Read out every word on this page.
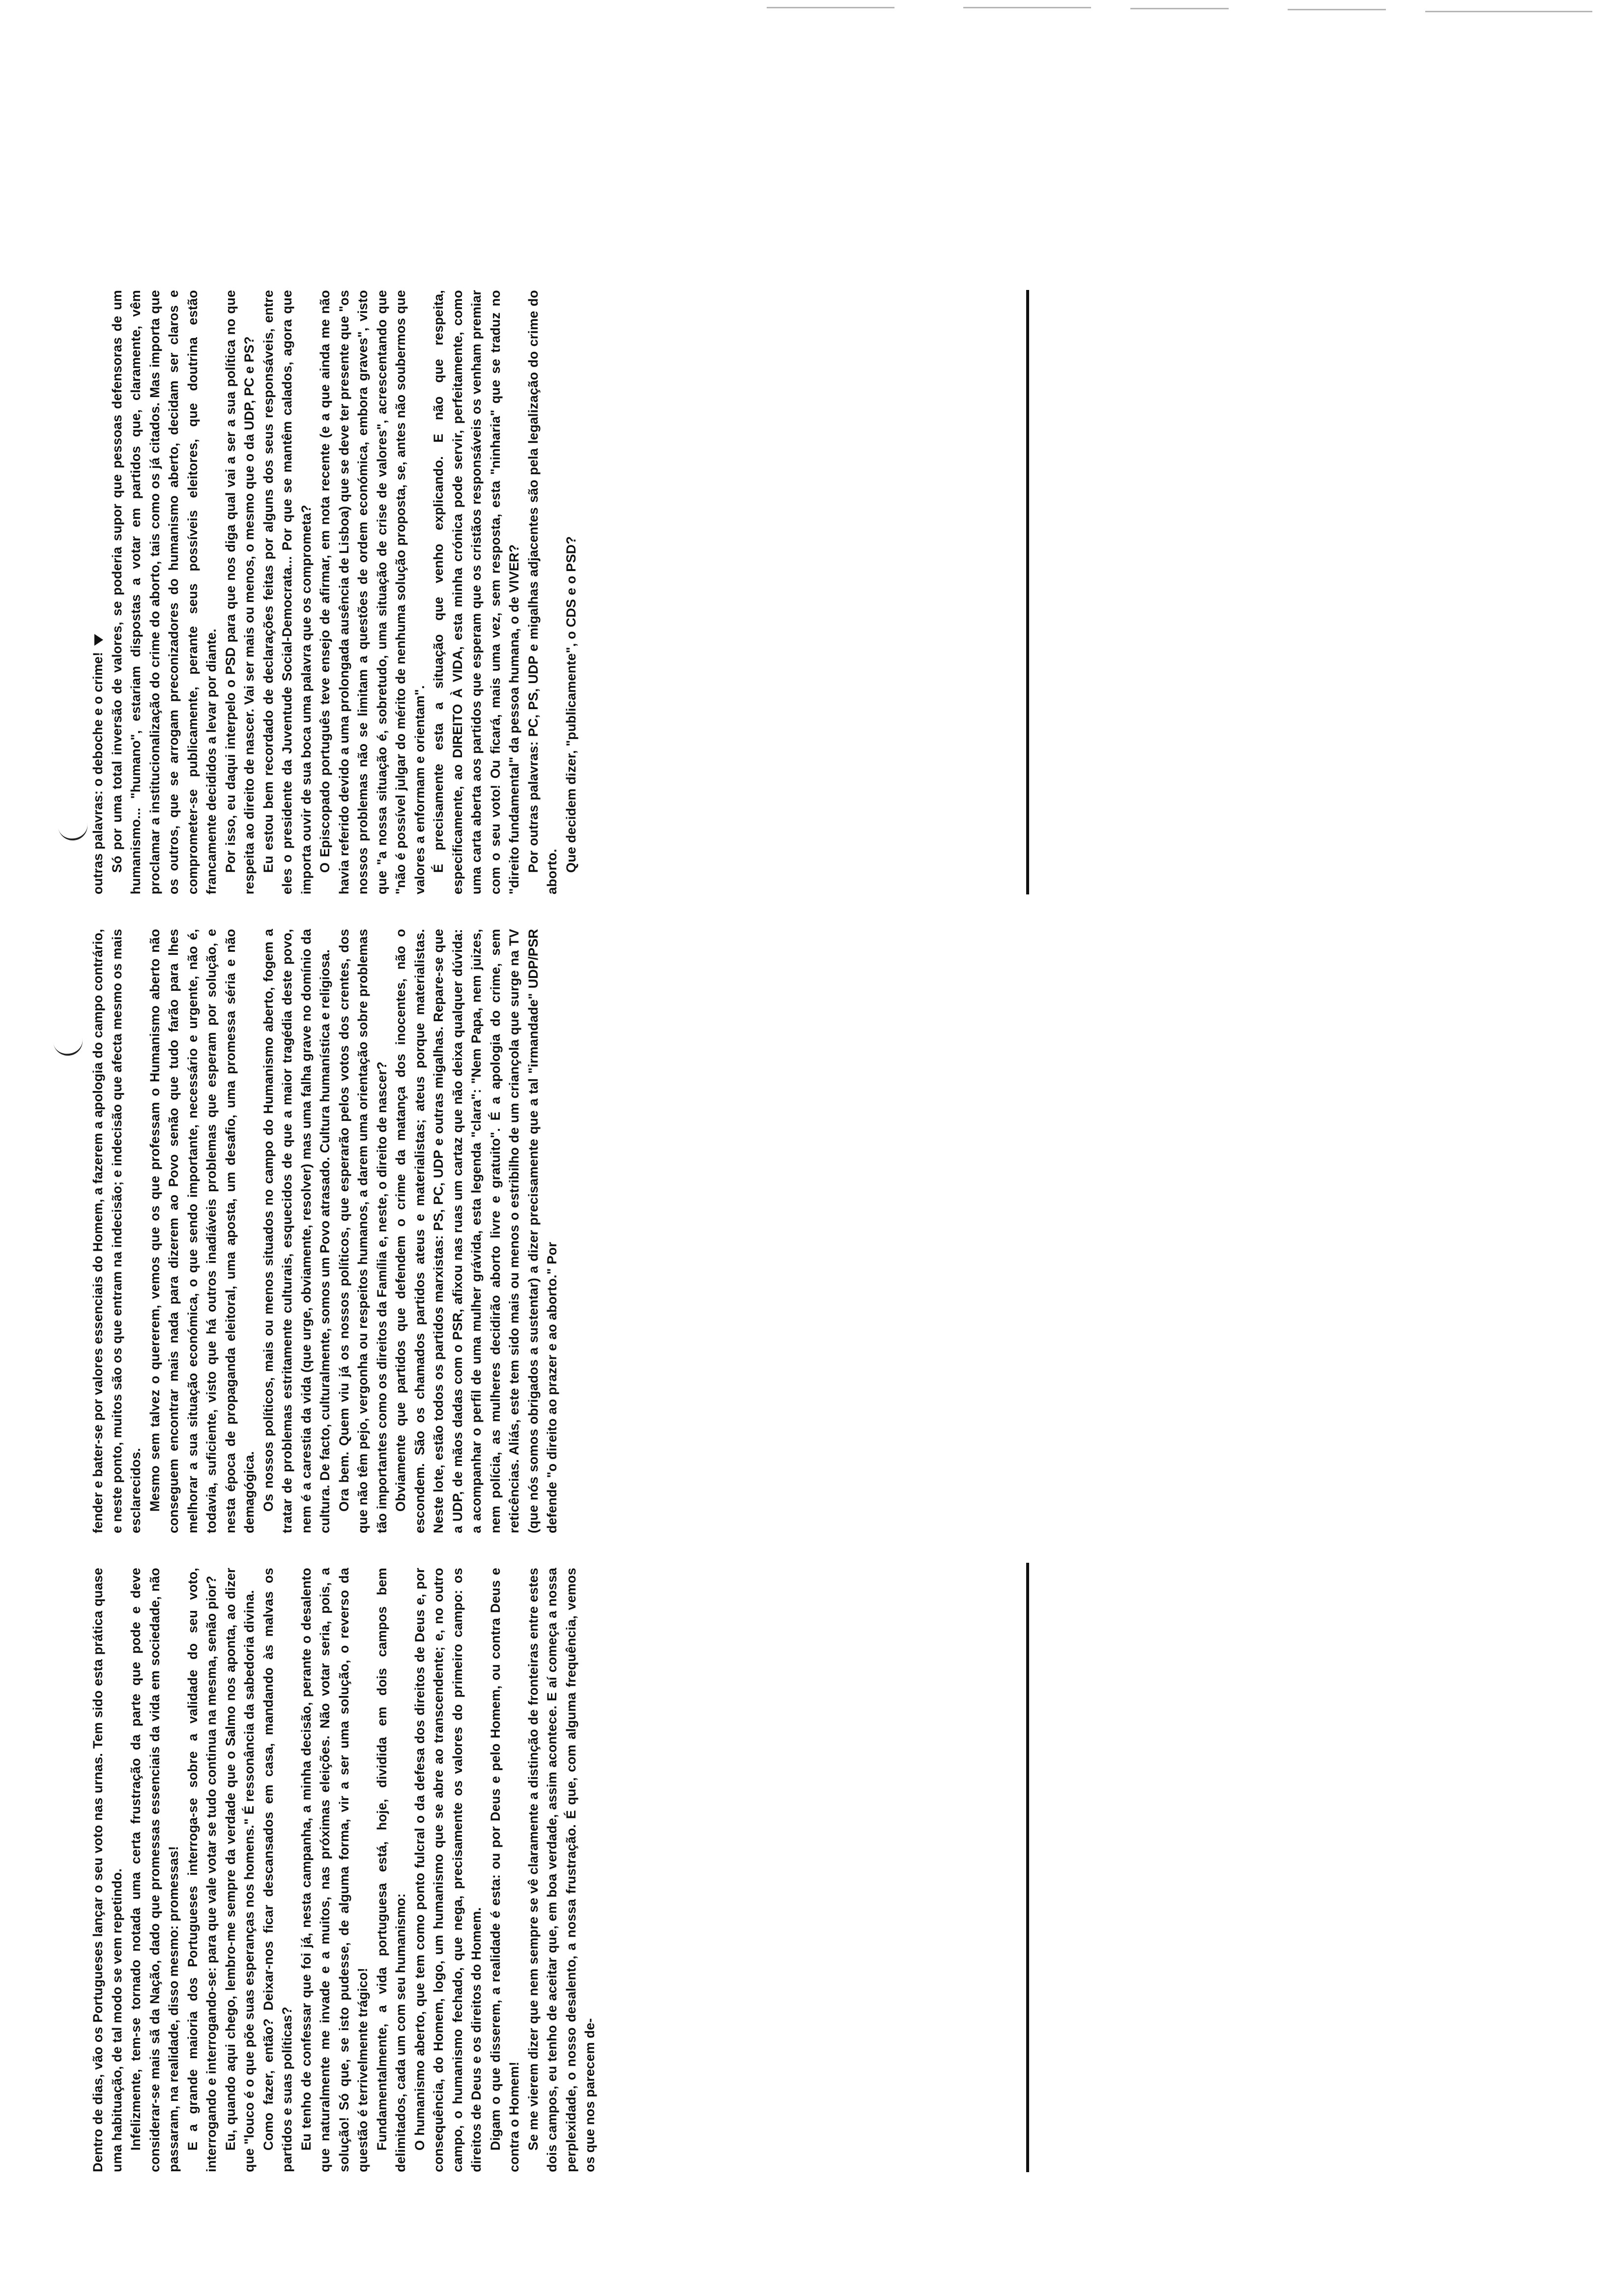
Dentro de dias, vão os Portugueses lançar o seu voto nas urnas. Tem sido esta prática quase uma habituação, de tal modo se vem repetindo. Infelizmente, tem-se tornado notada uma certa frustração da parte que pode e deve considerar-se mais sã da Nação, dado que promessas essenciais da vida em sociedade, não passaram, na realidade, disso mesmo: promessas! E a grande maioria dos Portugueses interroga-se sobre a validade do seu voto, interrogando e interrogando-se: para que vale votar se tudo continua na mesma, senão pior? Eu, quando aqui chego, lembro-me sempre da verdade que o Salmo nos aponta, ao dizer que "louco é o que põe suas esperanças nos homens." É ressonância da sabedoria divina. Como fazer, então? Deixar-nos ficar descansados em casa, mandando às malvas os partidos e suas políticas? Eu tenho de confessar que foi já, nesta campanha, a minha decisão, perante o desalento que naturalmente me invade e a muitos, nas próximas eleições. Não votar seria, pois, a solução! Só que, se isto pudesse, de alguma forma, vir a ser uma solução, o reverso da questão é terrivelmente trágico! Fundamentalmente, a vida portuguesa está, hoje, dividida em dois campos bem delimitados, cada um com seu humanismo: O humanismo aberto, que tem como ponto fulcral o da defesa dos direitos de Deus e, por consequência, do Homem, logo, um humanismo que se abre ao transcendente; e, no outro campo, o humanismo fechado, que nega, precisamente os valores do primeiro campo: os direitos de Deus e os direitos do Homem. Digam o que disserem, a realidade é esta: ou por Deus e pelo Homem, ou contra Deus e contra o Homem! Se me vierem dizer que nem sempre se vê claramente a distinção de fronteiras entre estes dois campos, eu tenho de aceitar que, em boa verdade, assim acontece. E aí começa a nossa perplexidade, o nosso desalento, a nossa frustração. É que, com alguma frequência, vemos os que nos parecem de-

fender e bater-se por valores essenciais do Homem, a fazerem a apologia do campo contrário, e neste ponto, muitos são os que entram na indecisão; e indecisão que afecta mesmo os mais esclarecidos. Mesmo sem talvez o quererem, vemos que os que professam o Humanismo aberto não conseguem encontrar mais nada para dizerem ao Povo senão que tudo farão para lhes melhorar a sua situação económica, o que sendo importante, necessário e urgente, não é, todavia, suficiente, visto que há outros inadiáveis problemas que esperam por solução, e nesta época de propaganda eleitoral, uma aposta, um desafio, uma promessa séria e não demagógica. Os nossos políticos, mais ou menos situados no campo do Humanismo aberto, fogem a tratar de problemas estritamente culturais, esquecidos de que a maior tragédia deste povo, nem é a carestia da vida (que urge, obviamente, resolver) mas uma falha grave no domínio da cultura. De facto, culturalmente, somos um Povo atrasado. Cultura humanística e religiosa. Ora bem. Quem viu já os nossos políticos, que esperarão pelos votos dos crentes, dos que não têm pejo, vergonha ou respeitos humanos, a darem uma orientação sobre problemas tão importantes como os direitos da Família e, neste, o direito de nascer? Obviamente que partidos que defendem o crime da matança dos inocentes, não o escondem. São os chamados partidos ateus e materialistas; ateus porque materialistas. Neste lote, estão todos os partidos marxistas: PS, PC, UDP e outras migalhas. Repare-se que a UDP, de mãos dadas com o PSR, afixou nas ruas um cartaz que não deixa qualquer dúvida: a acompanhar o perfil de uma mulher grávida, esta legenda "clara": "Nem Papa, nem juizes, nem polícia, as mulheres decidirão aborto livre e gratuito". É a apologia do crime, sem reticências. Aliás, este tem sido mais ou menos o estribilho de um criançola que surge na TV (que nós somos obrigados a sustentar) a dizer precisamente que a tal "irmandade" UDP/PSR defende "o direito ao prazer e ao aborto." Por

outras palavras: o deboche e o crime! Só por uma total inversão de valores, se poderia supor que pessoas defensoras de um humanismo... "humano", estariam dispostas a votar em partidos que, claramente, vêm proclamar a institucionalização do crime do aborto, tais como os já citados. Mas importa que os outros, que se arrogam preconizadores do humanismo aberto, decidam ser claros e comprometer-se publicamente, perante seus possíveis eleitores, que doutrina estão francamente decididos a levar por diante. Por isso, eu daqui interpelo o PSD para que nos diga qual vai a ser a sua política no que respeita ao direito de nascer. Vai ser mais ou menos, o mesmo que o da UDP, PC e PS? Eu estou bem recordado de declarações feitas por alguns dos seus responsáveis, entre eles o presidente da Juventude Social-Democrata... Por que se mantêm calados, agora que importa ouvir de sua boca uma palavra que os comprometa? O Episcopado português teve ensejo de afirmar, em nota recente (e a que ainda me não havia referido devido a uma prolongada ausência de Lisboa) que se deve ter presente que "os nossos problemas não se limitam a questões de ordem económica, embora graves", visto que "a nossa situação é, sobretudo, uma situação de crise de valores", acrescentando que "não é possível julgar do mérito de nenhuma solução proposta, se, antes não soubermos que valores a enformam e orientam". É precisamente esta a situação que venho explicando. E não que respeita, especificamente, ao DIREITO À VIDA, esta minha crónica pode servir, perfeitamente, como uma carta aberta aos partidos que esperam que os cristãos responsáveis os venham premiar com o seu voto! Ou ficará, mais uma vez, sem resposta, esta "ninharia" que se traduz no "direito fundamental" da pessoa humana, o de VIVER? Por outras palavras: PC, PS, UDP e migalhas adjacentes são pela legalização do crime do aborto. Que decidem dizer, "publicamente", o CDS e o PSD?
